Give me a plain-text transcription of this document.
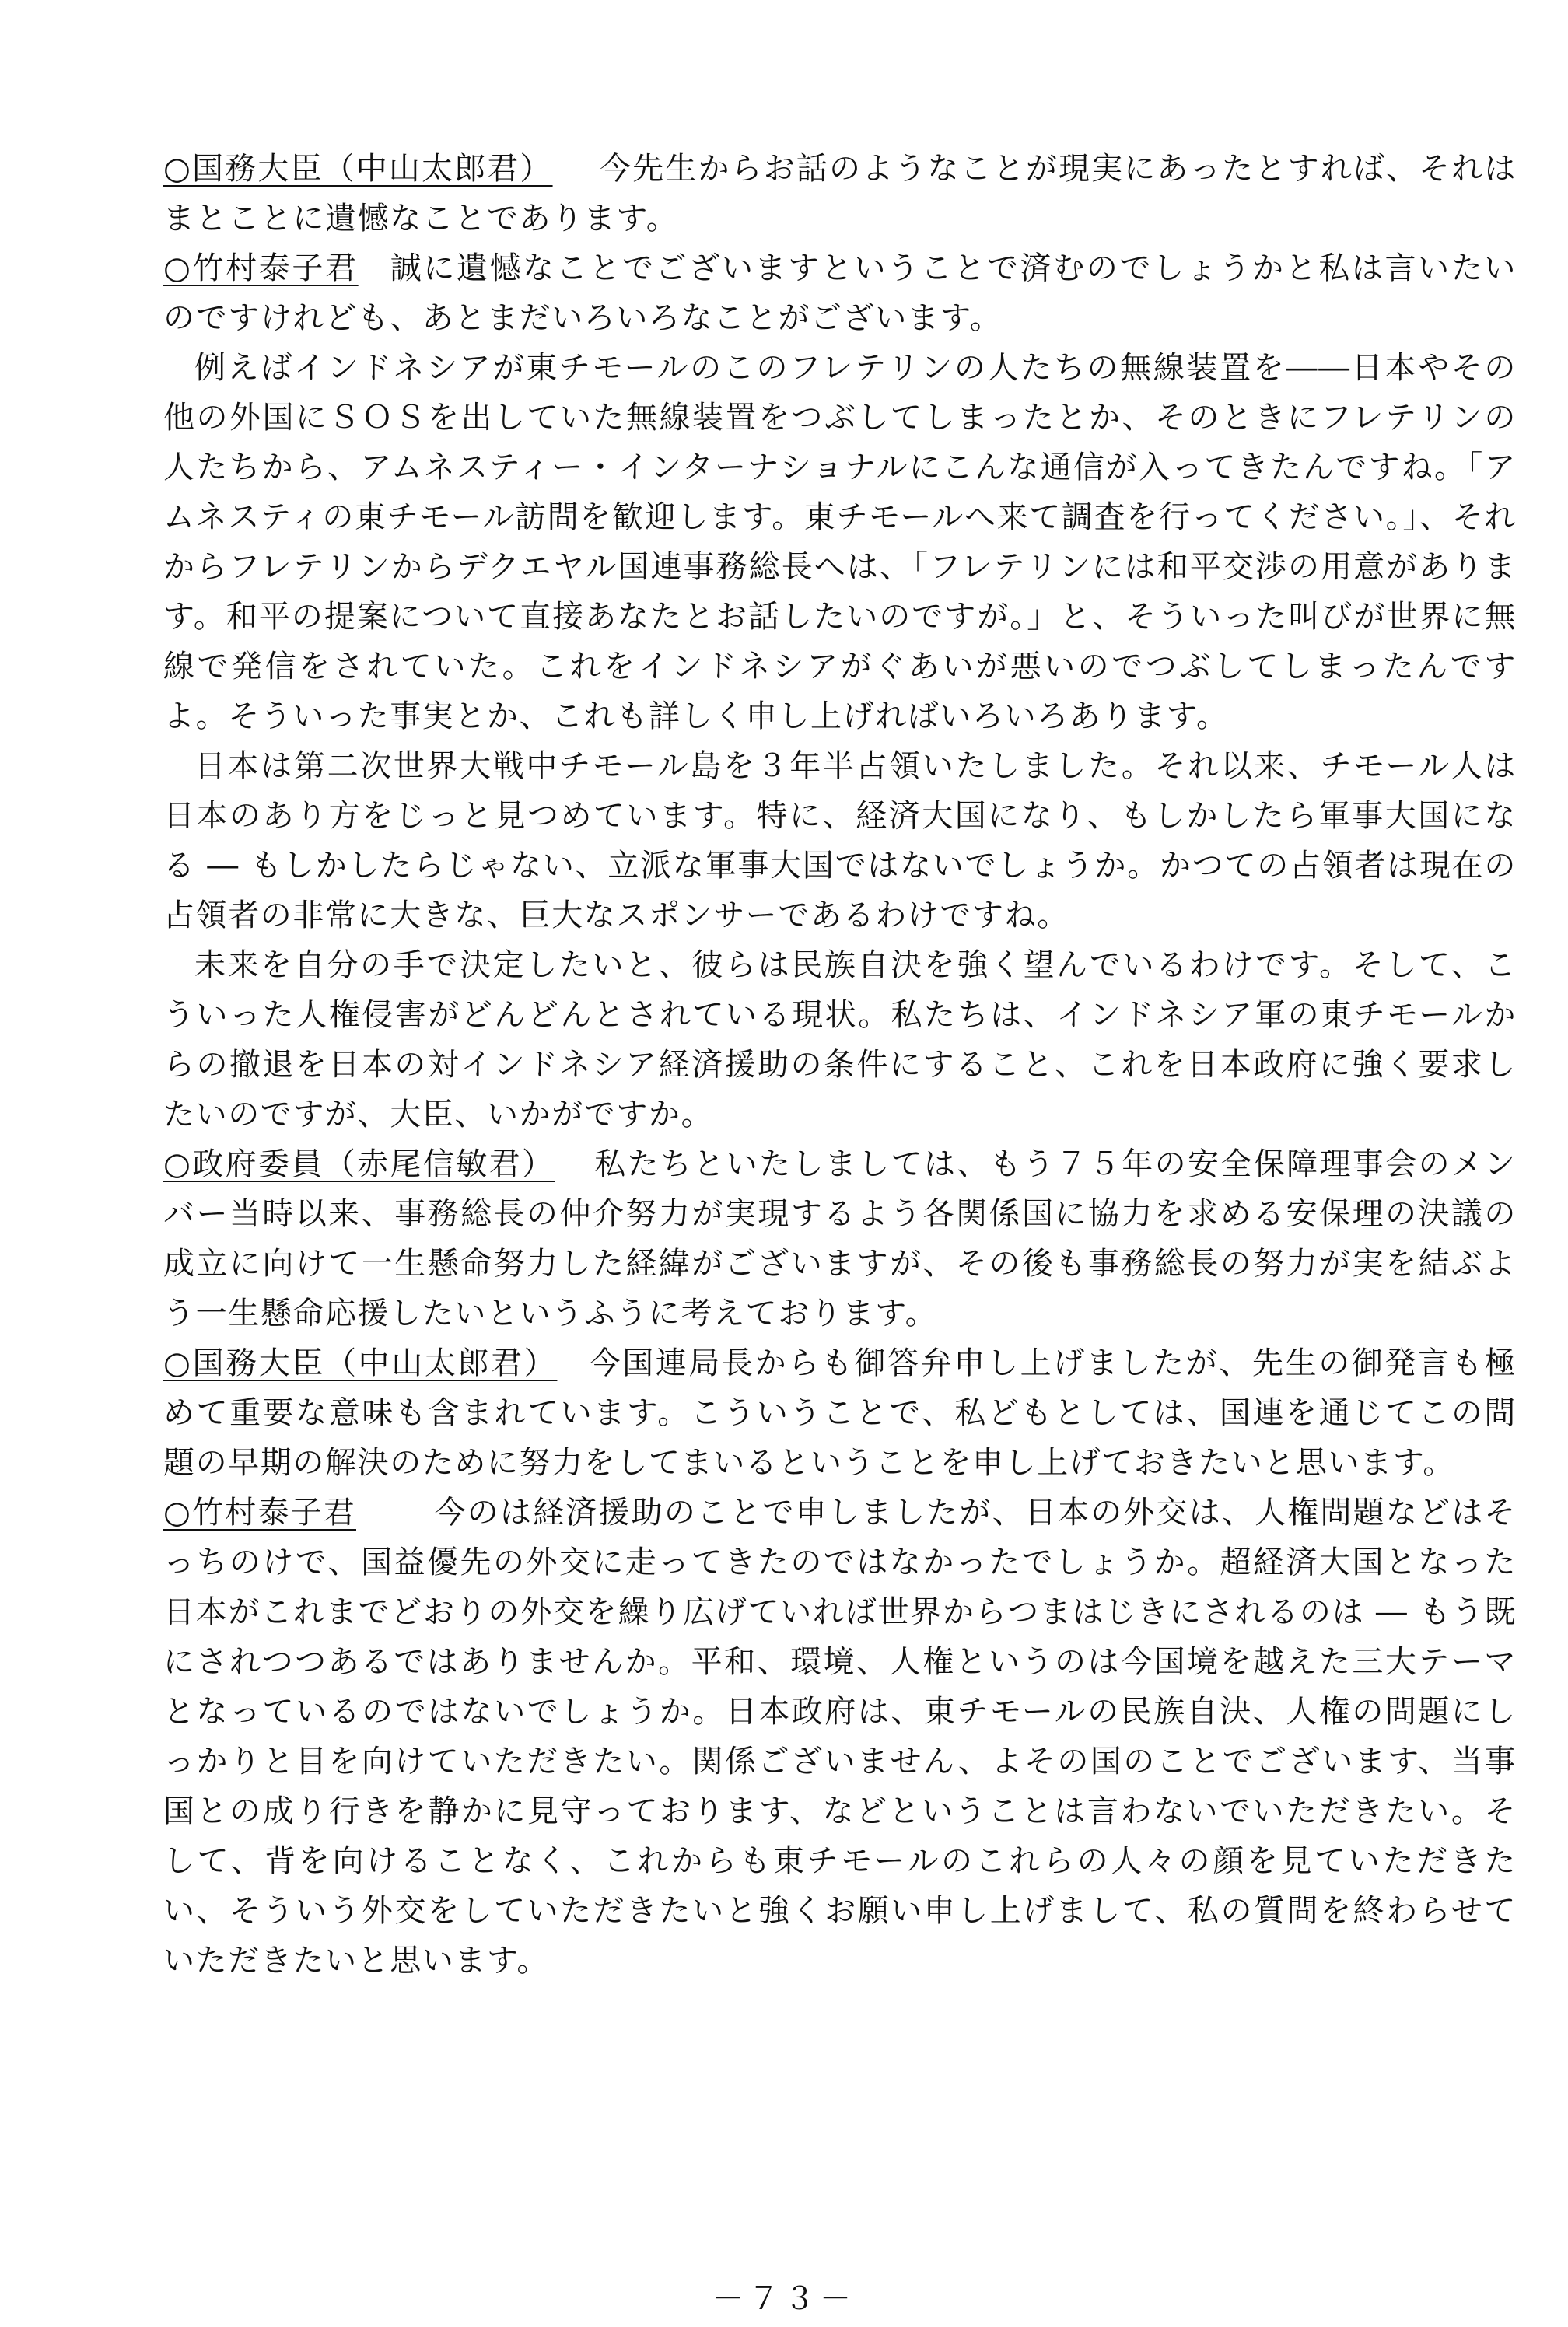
○国務大臣（中山太郎君） 今先生からお話のようなことが現実にあったとすれば、それはまとことに遺憾なことであります。

○竹村泰子君 誠に遺憾なことでございますということで済むのでしょうかと私は言いたいのですけれども、あとまだいろいろなことがございます。

例えばインドネシアが東チモールのこのフレテリンの人たちの無線装置を――日本やその他の外国にＳＯＳを出していた無線装置をつぶしてしまったとか、そのときにフレテリンの人たちから、アムネスティー・インターナショナルにこんな通信が入ってきたんですね。「アムネスティの東チモール訪問を歓迎します。東チモールへ来て調査を行ってください。」、それからフレテリンからデクエヤル国連事務総長へは、「フレテリンには和平交渉の用意があります。和平の提案について直接あなたとお話したいのですが。」と、そういった叫びが世界に無線で発信をされていた。これをインドネシアがぐあいが悪いのでつぶしてしまったんですよ。そういった事実とか、これも詳しく申し上げればいろいろあります。

日本は第二次世界大戦中チモール島を３年半占領いたしました。それ以来、チモール人は日本のあり方をじっと見つめています。特に、経済大国になり、もしかしたら軍事大国になる ― もしかしたらじゃない、立派な軍事大国ではないでしょうか。かつての占領者は現在の占領者の非常に大きな、巨大なスポンサーであるわけですね。

未来を自分の手で決定したいと、彼らは民族自決を強く望んでいるわけです。そして、こういった人権侵害がどんどんとされている現状。私たちは、インドネシア軍の東チモールからの撤退を日本の対インドネシア経済援助の条件にすること、これを日本政府に強く要求したいのですが、大臣、いかがですか。

○政府委員（赤尾信敏君） 私たちといたしましては、もう７５年の安全保障理事会のメンバー当時以来、事務総長の仲介努力が実現するよう各関係国に協力を求める安保理の決議の成立に向けて一生懸命努力した経緯がございますが、その後も事務総長の努力が実を結ぶよう一生懸命応援したいというふうに考えております。

○国務大臣（中山太郎君） 今国連局長からも御答弁申し上げましたが、先生の御発言も極めて重要な意味も含まれています。こういうことで、私どもとしては、国連を通じてこの問題の早期の解決のために努力をしてまいるということを申し上げておきたいと思います。

○竹村泰子君	今のは経済援助のことで申しましたが、日本の外交は、人権問題などはそっちのけで、国益優先の外交に走ってきたのではなかったでしょうか。超経済大国となった日本がこれまでどおりの外交を繰り広げていれば世界からつまはじきにされるのは ― もう既にされつつあるではありませんか。平和、環境、人権というのは今国境を越えた三大テーマとなっているのではないでしょうか。日本政府は、東チモールの民族自決、人権の問題にしっかりと目を向けていただきたい。関係ございません、よその国のことでございます、当事国との成り行きを静かに見守っております、などということは言わないでいただきたい。そして、背を向けることなく、これからも東チモールのこれらの人々の顔を見ていただきたい、そういう外交をしていただきたいと強くお願い申し上げまして、私の質問を終わらせていただきたいと思います。

－７３－
